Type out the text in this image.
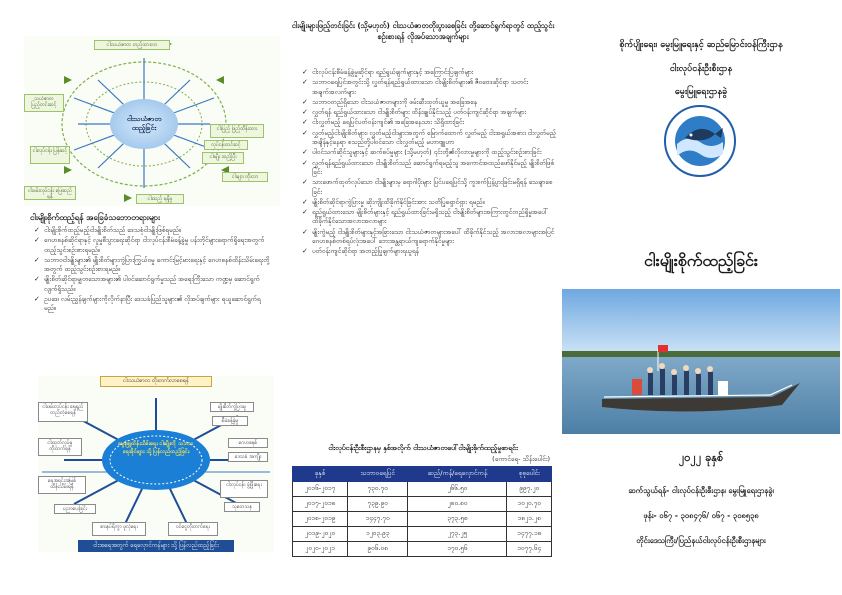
ငါးသယံဇာတ
ထည့်ခြင်း
ငါးသယံဇာတ တည့်ထားလာ
သယံဇာတ ပြည့်တင်းဆင့်
ငါးလုပ်ငန်း ပြန်ဆင့်
ငါးဖမ်းလုပ်ငန်း ဖြေဆည်ရန်
ငါးပြည့် ဖြည့်ထိန်းထား
လုပ်ငန်းတင်ဆင့်
ငါးမျိုး ထည့်ပြီး
ငါးများ တိုးလာ
ငါးထည့် ရရှိမှု
ငါးမျိုးစိုက်ထည့်ရန် အခြေခံသဘောတရားများ
✓ ငါးမျိုးစိုက်ထည့်မည့်ငါးမျိုးစိတ်သည် ဒေသစုံငါးမျိုးဖြစ်ရမည်။
✓ ဂေဟစနစ်ဆိုင်ရာနှင့် လူမှုစီးပွားရေးဆိုင်ရာ ငါးလုပ်ငန်းစီမံခန့်ခွဲမှု ပန်းတိုင်များရောက်ရှိရေးအတွက် ထည့်သွင်းစဉ်းစားရမည်။
✓ သဘာဝငါးမျိုးများ၏ မျိုးစိတ်များကွဲပြားကြွယ်ဝမှု ကောင်းမြင့်မားရေးနှင့် ဂေဟစနစ်ထိန်းသိမ်းရေးတို့အတွက် ထည့်သွင်းစဉ်းစားရမည်။
✓ မျိုးစိတ်ဆိုင်ရာမျှတသောအများ၏ ပါဝင်ဆောင်ရွက်မှုသည် အရေးကြီးသော ကဏ္ဍမှ ဆောင်ရွက်လျက်ရှိသည်။
✓ ဥပဒေ၊ လမ်းညွှန်ချက်များကိုလိုက်နာပြီး ဒေသခံပြည်သူများ၏ လိုအပ်ချက်များ ရယူဆောင်ရွက်ရမည်။
ငါးသယံဇာတ တိုးတက်လာစေရန်
မွေးမြူထိန်းသိမ်းရေး ငါးမျိုးကို သဘာဝ ရေအိုင်များ သို့ ပြန်လည်ထည့်ခြင်း
ငါးဖမ်းလုပ်ငန်း ရေရှည်တည်တံ့စေရန်
မျိုးစိတ်ကွဲပြားမှု
စီမံခန့်ခွဲမှု
ငါးထုတ်လုပ်မှု တိုးတက်ရန်
ဂေဟစနစ်
ဒေသခံ အကျိုး
ရေအရင်းအမြစ် ထိန်းသိမ်းရန်	ငါးလုပ်ငန်း ဖွံ့ဖြိုးရေး
သုတေသန
ပညာပေးခြင်း
စားနပ်ရိက္ခာ ဖူလုံရေး	ဝင်ငွေတိုးတက်ရေး
ငါးအရေအတွက် ရေလှောင်ကန်များ သို့ ပြန်လည်ထည့်ခြင်း
ငါးမျိုးများဖြည့်တင်းခြင်း (သို့မဟုတ်) ငါးသယံဇာတတိုးပွားစေခြင်း တို့ဆောင်ရွက်ရာတွင် ထည့်သွင်းစဉ်းစားရန် လိုအပ်သောအချက်များ
✓ ငါးလုပ်ငန်းစီမံခန့်ခွဲမှုဆိုင်ရာ ရည်ရွယ်ချက်များနှင့် အကြောင်းပြချက်များ
✓ သဘာဝရေပြင်အတွင်းသို့ လွှတ်ရန်ရည်ရွယ်ထားသော ငါးမျိုးစိတ်များ၏ ဇီဝဗေဒဆိုင်ရာ သတင်းအချက်အလက်များ
✓ သဘာဝတည်ရှိသော ငါးသယံဇာတများကို ဖမ်းဆီးထုတ်ယူမှု အခြေအနေ
✓ လွှတ်ရန် ရည်ရွယ်ထားသော ငါးမျိုးစိတ်များ ထိန်းချုပ်နိုင်သည့် ပတ်ဝန်းကျင်ဆိုင်ရာ အချက်များ
✓ ငါးလွှတ်မည့် ရေပြင်ပတ်ဝန်းကျင်၏ အခြေအနေသား သိရှိထားခြင်း
✓ လွှတ်မည့်ငါးမျိုးစိတ်များ၊ လွှတ်မည့်ငါးများအတွက် မြောက်ထောက် လွှတ်မည့် ငါးအရွယ်အစား၊ ငါးလွှတ်မည့်အချိန်နှင့်နေရာ စသည်တို့ပါဝင်သော ငါးလွှတ်မည့် မဟာဗျူဟာ
✓ ပါဝင်သက်ဆိုင်သူများနှင့် ဆက်စပ်မှုများ (သို့မဟုတ်) ၎င်းတို့၏လိုလားမှုများကို ထည့်သွင်းစဉ်းစားခြင်း
✓ လွှတ်ရန်ရည်ရွယ်ထားသော ငါးမျိုးစိတ်သည် ဆောင်ရွက်ရမည့်သူ အကောင်အထည်ဖော်နိုင်မည့် မျိုးစိတ်ဖြစ်ခြင်း
✓ သားဖောက်ထုတ်လုပ်သော ငါးမျိုးများမှ ရောဂါပိုးများ ပြင်ပရေပြင်သို့ ကူးစက်ပြန့်ပွားခြင်းမရှိရန် သေချာစေခြင်း
✓ မျိုးစိတ်ဆိုင်ရာကွဲပြားမှု ဆိုးကျိုးထိခိုက်နိုင်ခြင်းအား သတိပြုရှောင်ရှား ရမည်။
✓ ရည်ရွယ်ထားသော မျိုးစိတ်များနှင့် ရည်ရွယ်ထားခြင်းမရှိသည့် ငါးမျိုးစိတ်များအကြားတွင်တည်ရှိမှုအပေါ် ထိခိုက်နိုင်သောအလားအလာများ
✓ မျိုးကွဲမည့် ငါးမျိုးစိတ်များနှင့်အခြားသော ငါးသယံဇာတများအပေါ် ထိခိုက်နိုင်သည့် အလားအလာများအပြင် ဂေဟစနစ်တစ်ရပ်လုံးအပေါ် ဘေးအန္တရာယ်ကျရောက်နိုင်မှုများ
✓ ပတ်ဝန်းကျင်ဆိုင်ရာ အတည့်ပြုချက်များရယူရန်
ငါးလုပ်ငန်းဦးစီးဌာနမှ နှစ်အလိုက် ငါးသယံဇာတပေါ်ငါးမျိုးစိုက်ထည့်မှုစာရင်း
(ကောင်ရေ- သိန်းပေါင်း)
ခုနှစ်	သဘာဝရေပြင်	ဆည်/ကန်/ရေလှောင်ကန်	စုစုပေါင်း
၂၀၁၆-၂၀၁၇	၇၃၀.၇၀	၂၆၆.၅၀	၉၉၇.၂၀
၂၀၁၇-၂၀၁၈	၇၃၉.၉၀	၂၈၀.၈၀	၁၀၂၀.၇၀
၂၀၁၈-၂၀၁၉	၁၄၄၇.၇၀	၃၇၃.၅၈	၁၈၂၁.၂၈
၂၀၁၉-၂၀၂၀	၁၂၀၃.၉၃	၂၇၃.၂၅	၁၄၇၇.၁၈
၂၀၂၀-၂၀၂၁	၉၀၆.၀၈	၁၇၀.၅၆	၁၀၇၇.၆၄
စိုက်ပျိုးရေး၊ မွေးမြူရေးနှင့် ဆည်မြောင်းဝန်ကြီးဌာန
ငါးလုပ်ငန်းဦးစီးဌာန
မွေးမြူရေးဌာနခွဲ
ငါးမျိုးစိုက်ထည့်ခြင်း
၂၀၂၂ ခုနှစ်
ဆက်သွယ်ရန်- ငါးလုပ်ငန်းဦးစီးဌာန၊ မွေးမြူရေးဌာနခွဲ၊
ဖုန်း- ၀၆၇ - ၃၀၈၄၇၆/ ၀၆၇ - ၃၀၈၅၃၈
တိုင်းဒေသကြီး/ပြည်နယ်ငါးလုပ်ငန်းဦးစီးဌာနများ
